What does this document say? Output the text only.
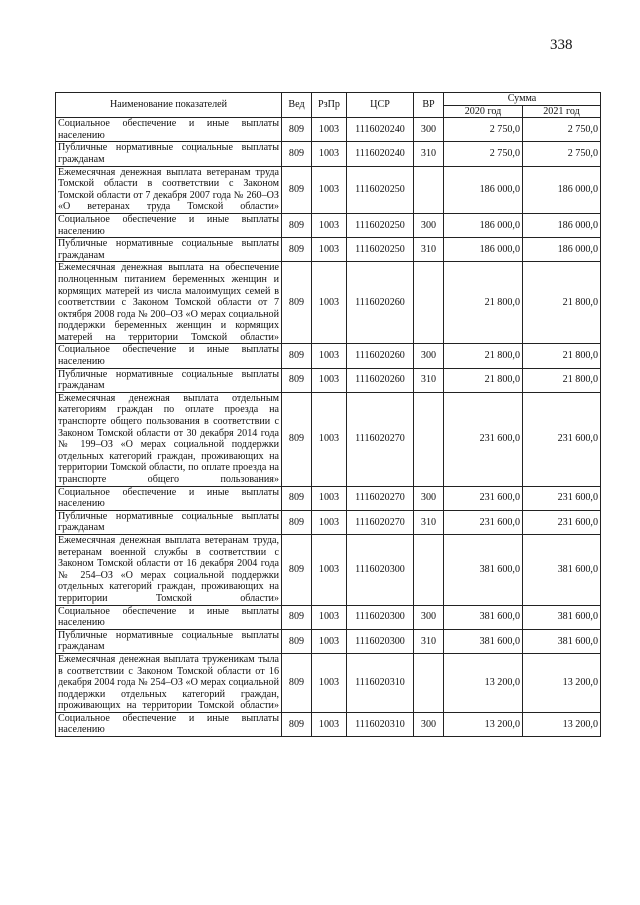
338
Наименование показателей	Вед	РзПр	ЦСР	ВР	Сумма	
					2020 год	2021 год
Социальное обеспечение и иные выплаты населению	809	1003	1116020240	300	2 750,0	2 750,0
Публичные нормативные социальные выплаты гражданам	809	1003	1116020240	310	2 750,0	2 750,0
Ежемесячная денежная выплата ветеранам труда Томской области в соответствии с Законом Томской области от 7 декабря 2007 года № 260–ОЗ «О ветеранах труда Томской области»	809	1003	1116020250		186 000,0	186 000,0
Социальное обеспечение и иные выплаты населению	809	1003	1116020250	300	186 000,0	186 000,0
Публичные нормативные социальные выплаты гражданам	809	1003	1116020250	310	186 000,0	186 000,0
Ежемесячная денежная выплата на обеспечение полноценным питанием беременных женщин и кормящих матерей из числа малоимущих семей в соответствии с Законом Томской области от 7 октября 2008 года № 200–ОЗ «О мерах социальной поддержки беременных женщин и кормящих матерей на территории Томской области»	809	1003	1116020260		21 800,0	21 800,0
Социальное обеспечение и иные выплаты населению	809	1003	1116020260	300	21 800,0	21 800,0
Публичные нормативные социальные выплаты гражданам	809	1003	1116020260	310	21 800,0	21 800,0
Ежемесячная денежная выплата отдельным категориям граждан по оплате проезда на транспорте общего пользования в соответствии с Законом Томской области от 30 декабря 2014 года № 199–ОЗ «О мерах социальной поддержки отдельных категорий граждан, проживающих на территории Томской области, по оплате проезда на транспорте общего пользования»	809	1003	1116020270		231 600,0	231 600,0
Социальное обеспечение и иные выплаты населению	809	1003	1116020270	300	231 600,0	231 600,0
Публичные нормативные социальные выплаты гражданам	809	1003	1116020270	310	231 600,0	231 600,0
Ежемесячная денежная выплата ветеранам труда, ветеранам военной службы в соответствии с Законом Томской области от 16 декабря 2004 года № 254–ОЗ «О мерах социальной поддержки отдельных категорий граждан, проживающих на территории Томской области»	809	1003	1116020300		381 600,0	381 600,0
Социальное обеспечение и иные выплаты населению	809	1003	1116020300	300	381 600,0	381 600,0
Публичные нормативные социальные выплаты гражданам	809	1003	1116020300	310	381 600,0	381 600,0
Ежемесячная денежная выплата труженикам тыла в соответствии с Законом Томской области от 16 декабря 2004 года № 254–ОЗ «О мерах социальной поддержки отдельных категорий граждан, проживающих на территории Томской области»	809	1003	1116020310		13 200,0	13 200,0
Социальное обеспечение и иные выплаты населению	809	1003	1116020310	300	13 200,0	13 200,0
